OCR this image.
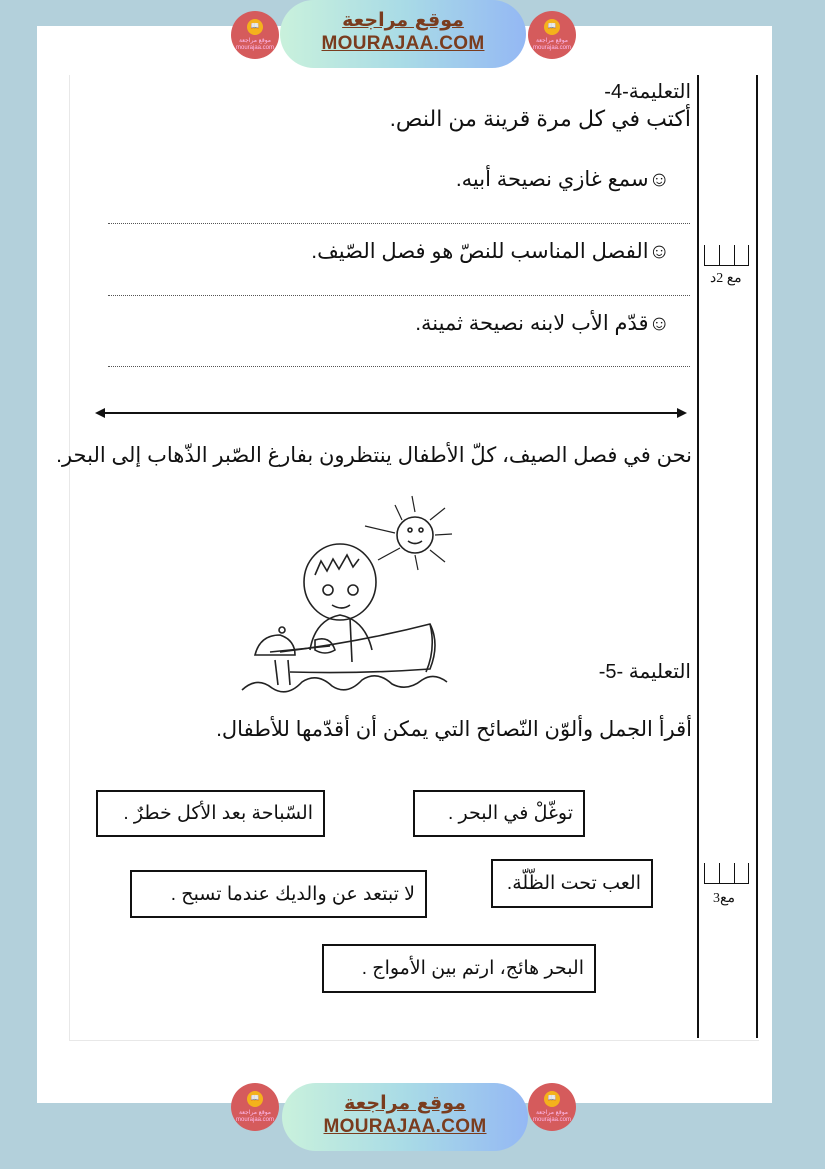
📖
موقع مراجعة mourajaa.com
موقع مراجعة
MOURAJAA.COM
📖
موقع مراجعة mourajaa.com
التعليمة-4-
أكتب في كل مرة قرينة من النص.
☺سمع غازي نصيحة أبيه.
☺الفصل المناسب للنصّ هو فصل الصّيف.
☺قدّم الأب لابنه نصيحة ثمينة.
مع 2د
نحن في فصل الصيف، كلّ الأطفال ينتظرون بفارغ الصّبر الذّهاب إلى البحر.
التعليمة -5-
أقرأ الجمل وألوّن النّصائح التي يمكن أن أقدّمها للأطفال.
توغّلْ في البحر .
السّباحة بعد الأكل خطرٌ .
العب تحت الظّلّة.
لا تبتعد عن والديك عندما تسبح .
البحر هائج، ارتم بين الأمواج .
مع3
📖
موقع مراجعة mourajaa.com
موقع مراجعة
MOURAJAA.COM
📖
موقع مراجعة mourajaa.com
